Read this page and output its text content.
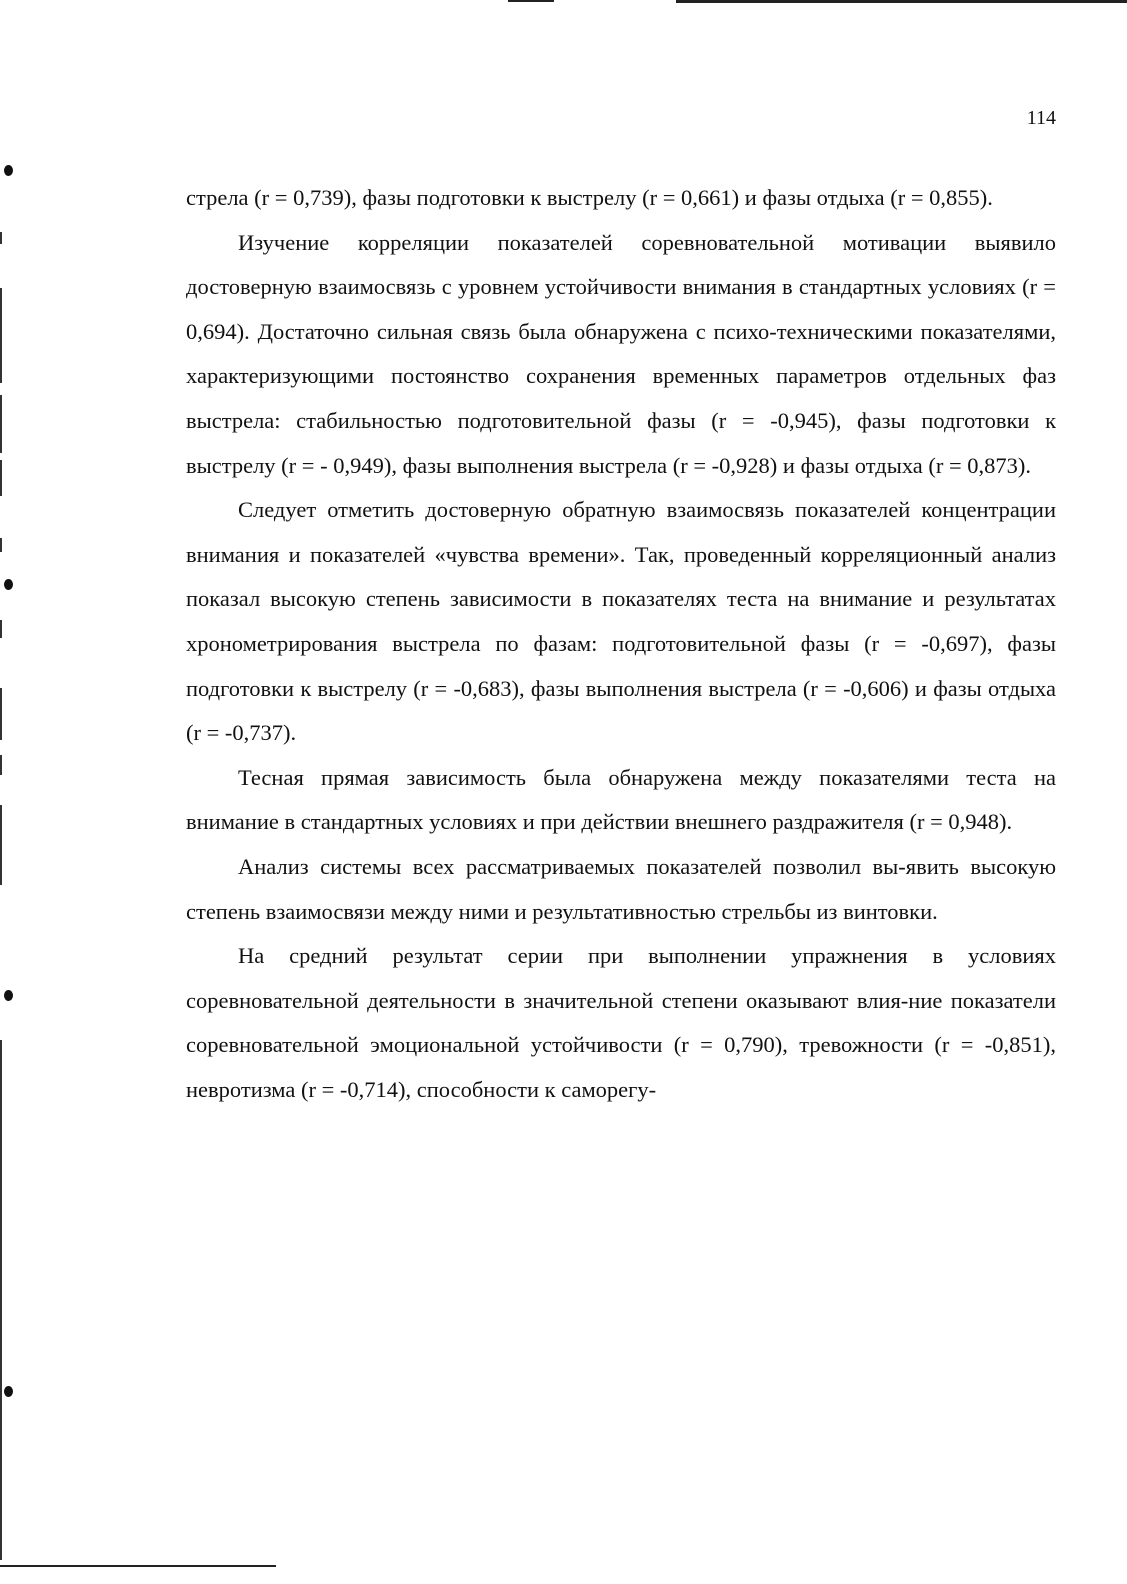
114

стрела (r = 0,739), фазы подготовки к выстрелу (r = 0,661) и фазы отдыха (r = 0,855).

Изучение корреляции показателей соревновательной мотивации выявило достоверную взаимосвязь с уровнем устойчивости внимания в стандартных условиях (r = 0,694). Достаточно сильная связь была обнаружена с психо-техническими показателями, характеризующими постоянство сохранения временных параметров отдельных фаз выстрела: стабильностью подготовительной фазы (r = -0,945), фазы подготовки к выстрелу (r = - 0,949), фазы выполнения выстрела (r = -0,928) и фазы отдыха (r = 0,873).

Следует отметить достоверную обратную взаимосвязь показателей концентрации внимания и показателей «чувства времени». Так, проведенный корреляционный анализ показал высокую степень зависимости в показателях теста на внимание и результатах хронометрирования выстрела по фазам: подготовительной фазы (r = -0,697), фазы подготовки к выстрелу (r = -0,683), фазы выполнения выстрела (r = -0,606) и фазы отдыха (r = -0,737).

Тесная прямая зависимость была обнаружена между показателями теста на внимание в стандартных условиях и при действии внешнего раздражителя (r = 0,948).

Анализ системы всех рассматриваемых показателей позволил вы-явить высокую степень взаимосвязи между ними и результативностью стрельбы из винтовки.

На средний результат серии при выполнении упражнения в условиях соревновательной деятельности в значительной степени оказывают влия-ние показатели соревновательной эмоциональной устойчивости (r = 0,790), тревожности (r = -0,851), невротизма (r = -0,714), способности к саморегу-
